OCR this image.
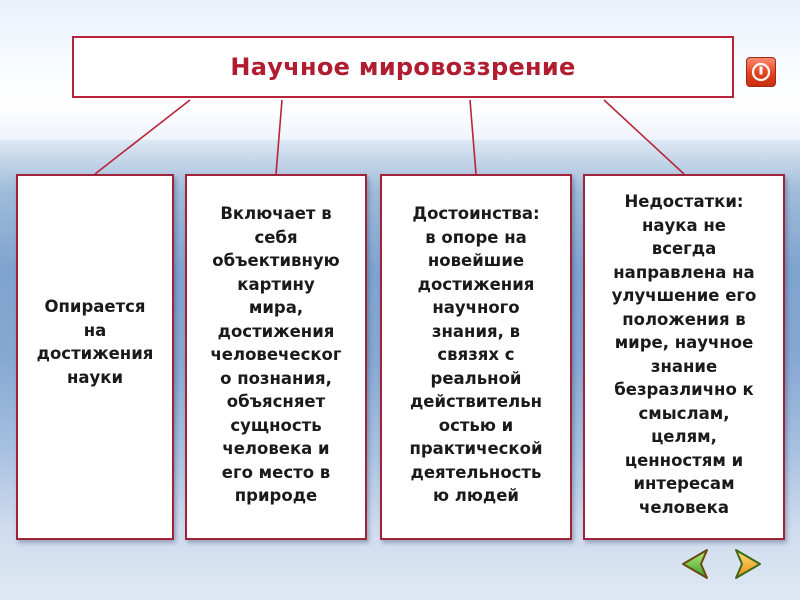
Научное мировоззрение
Опирается
на
достижения
науки
Включает в
себя
объективную
картину
мира,
достижения
человеческог
о познания,
объясняет
сущность
человека и
его место в
природе
Достоинства:
в опоре на
новейшие
достижения
научного
знания, в
связях с
реальной
действительн
остью и
практической
деятельность
ю людей
Недостатки:
наука не
всегда
направлена на
улучшение его
положения в
мире, научное
знание
безразлично к
смыслам,
целям,
ценностям и
интересам
человека
